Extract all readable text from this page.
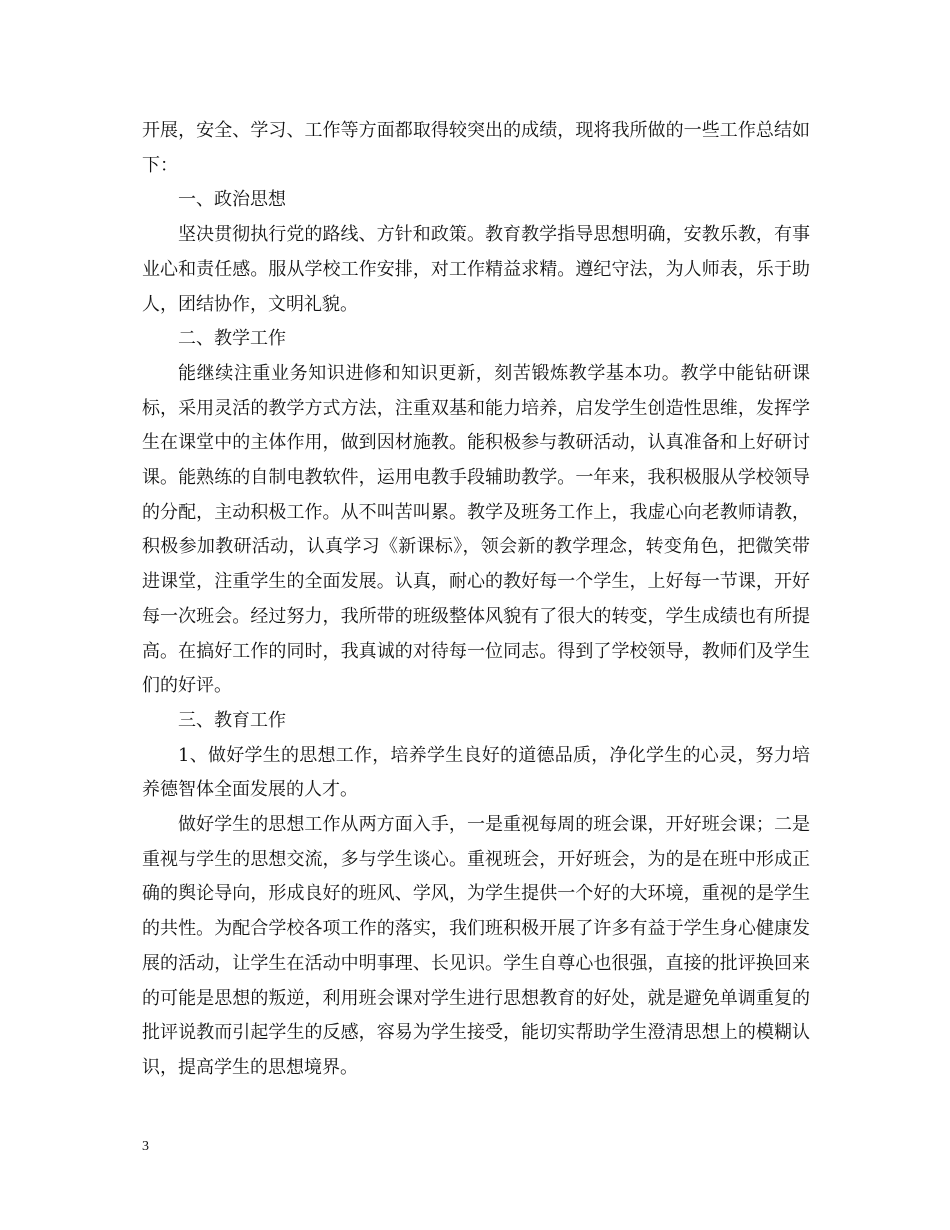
开展，安全、学习、工作等方面都取得较突出的成绩，现将我所做的一些工作总结如下：

一、政治思想

坚决贯彻执行党的路线、方针和政策。教育教学指导思想明确，安教乐教，有事业心和责任感。服从学校工作安排，对工作精益求精。遵纪守法，为人师表，乐于助人，团结协作，文明礼貌。

二、教学工作

能继续注重业务知识进修和知识更新，刻苦锻炼教学基本功。教学中能钻研课标，采用灵活的教学方式方法，注重双基和能力培养，启发学生创造性思维，发挥学生在课堂中的主体作用，做到因材施教。能积极参与教研活动，认真准备和上好研讨课。能熟练的自制电教软件，运用电教手段辅助教学。一年来，我积极服从学校领导的分配，主动积极工作。从不叫苦叫累。教学及班务工作上，我虚心向老教师请教，积极参加教研活动，认真学习《新课标》，领会新的教学理念，转变角色，把微笑带进课堂，注重学生的全面发展。认真，耐心的教好每一个学生，上好每一节课，开好每一次班会。经过努力，我所带的班级整体风貌有了很大的转变，学生成绩也有所提高。在搞好工作的同时，我真诚的对待每一位同志。得到了学校领导，教师们及学生们的好评。

三、教育工作

1、做好学生的思想工作，培养学生良好的道德品质，净化学生的心灵，努力培养德智体全面发展的人才。

做好学生的思想工作从两方面入手，一是重视每周的班会课，开好班会课；二是重视与学生的思想交流，多与学生谈心。重视班会，开好班会，为的是在班中形成正确的舆论导向，形成良好的班风、学风，为学生提供一个好的大环境，重视的是学生的共性。为配合学校各项工作的落实，我们班积极开展了许多有益于学生身心健康发展的活动，让学生在活动中明事理、长见识。学生自尊心也很强，直接的批评换回来的可能是思想的叛逆，利用班会课对学生进行思想教育的好处，就是避免单调重复的批评说教而引起学生的反感，容易为学生接受，能切实帮助学生澄清思想上的模糊认识，提高学生的思想境界。

3
